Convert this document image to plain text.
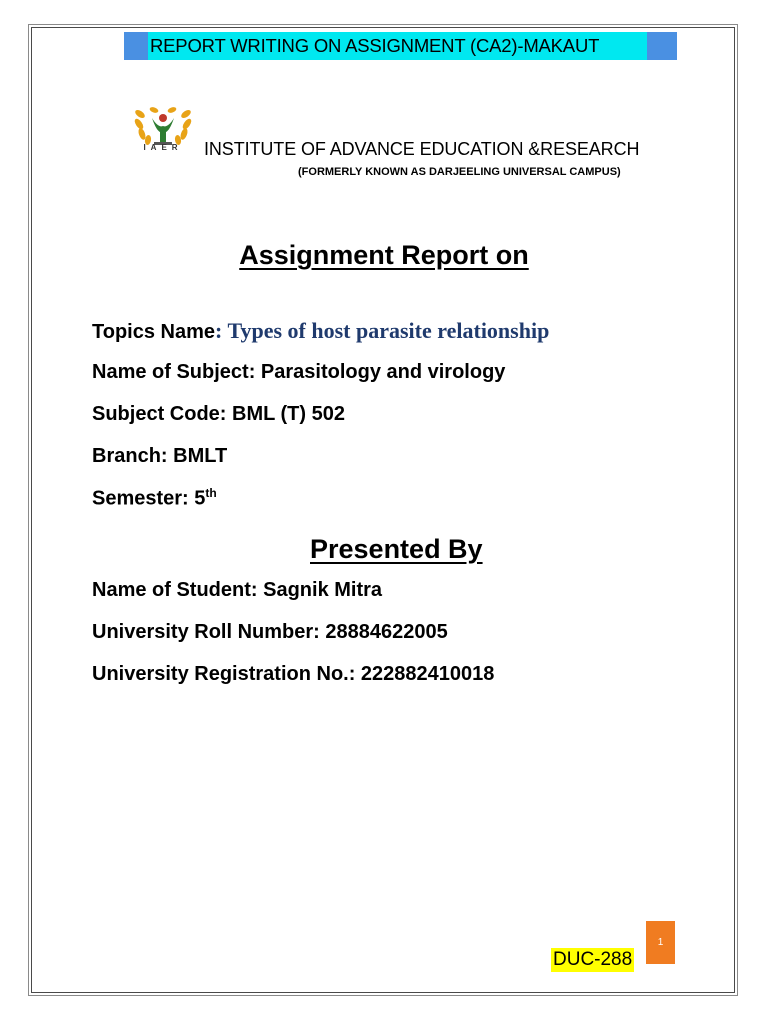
REPORT WRITING ON ASSIGNMENT (CA2)-MAKAUT
IAER	INSTITUTE OF ADVANCE EDUCATION &RESEARCH
(FORMERLY KNOWN AS DARJEELING UNIVERSAL CAMPUS)
Assignment Report on
Topics Name: Types of host parasite relationship
Name of Subject: Parasitology and virology
Subject Code: BML (T) 502
Branch: BMLT
Semester: 5th
Presented By
Name of Student: Sagnik Mitra
University Roll Number: 28884622005
University Registration No.: 222882410018
1
DUC-288
